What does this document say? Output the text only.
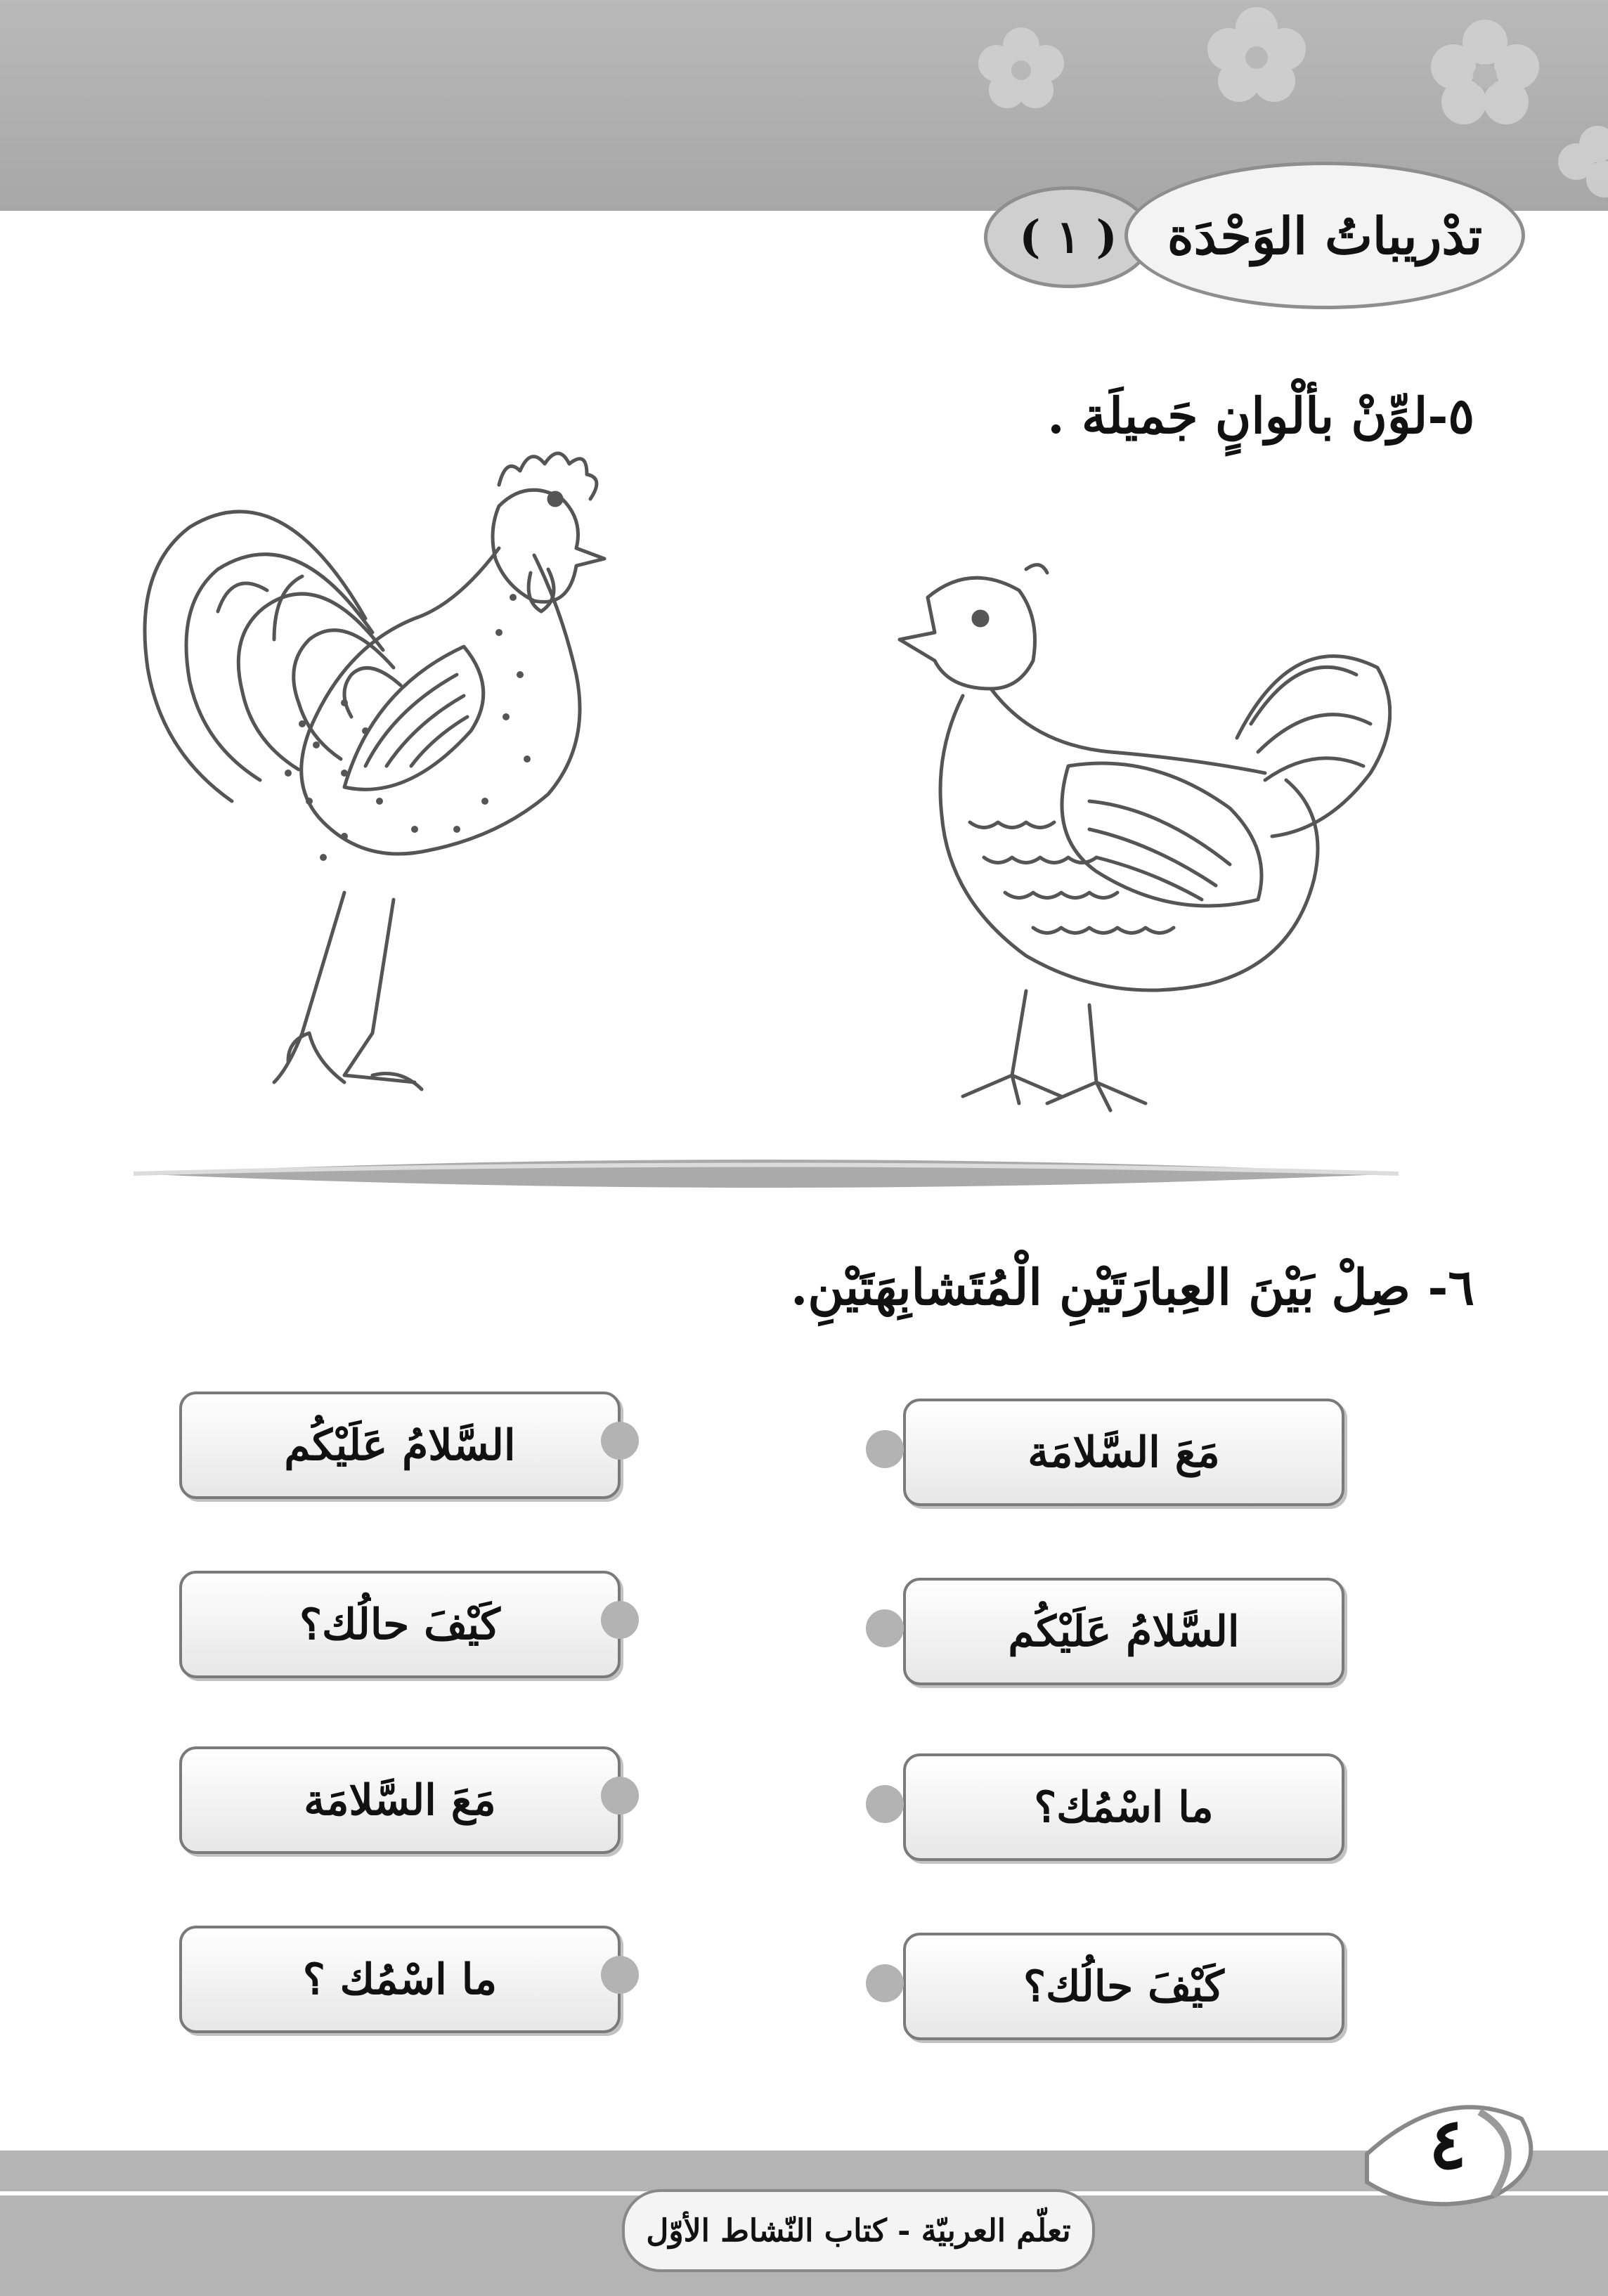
( ١ ) تدْريباتُ الوَحْدَة
٥-لوِّنْ بألْوانٍ جَميلَة .
٦- صِلْ بَيْنَ العِبارَتَيْنِ الْمُتَشابِهَتَيْنِ.
مَعَ السَّلامَة
السَّلامُ عَلَيْكُم
ما اسْمُك؟
كَيْفَ حالُك؟
السَّلامُ عَلَيْكُم
كَيْفَ حالُك؟
مَعَ السَّلامَة
ما اسْمُك ؟
٤
تعلّم العربيّة - كتاب النّشاط الأوّل
